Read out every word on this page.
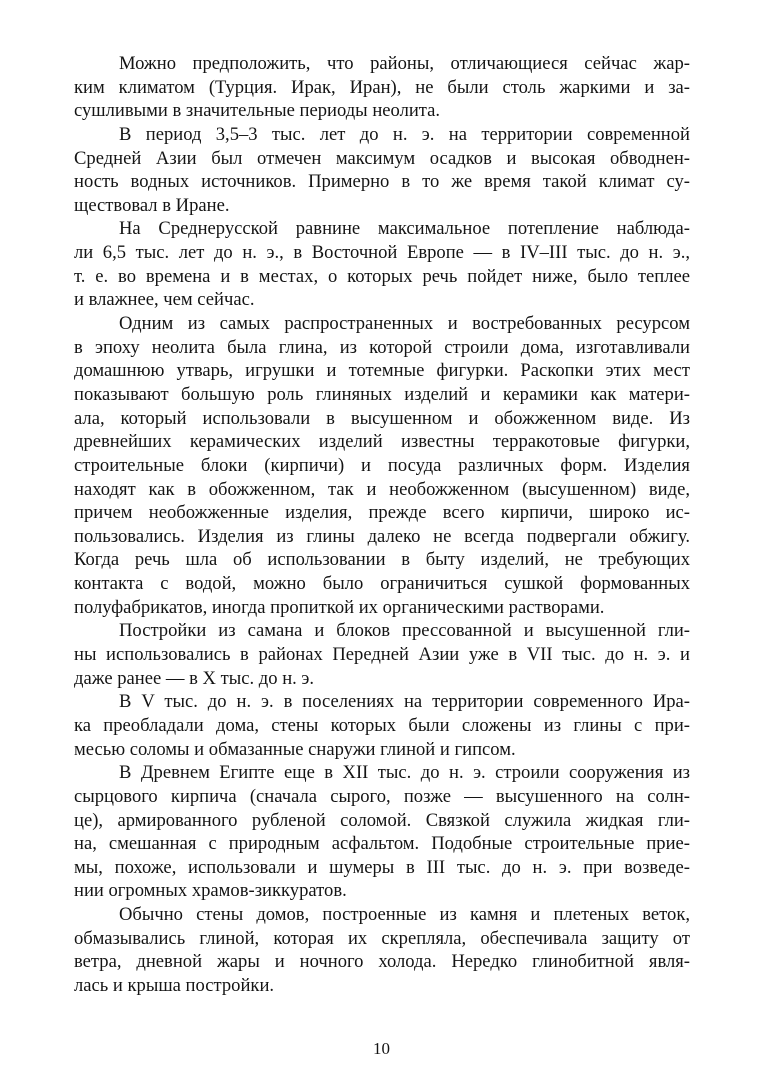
Можно предположить, что районы, отличающиеся сейчас жар-
ким климатом (Турция. Ирак, Иран), не были столь жаркими и за-
сушливыми в значительные периоды неолита.
В период 3,5–3 тыс. лет до н. э. на территории современной
Средней Азии был отмечен максимум осадков и высокая обводнен-
ность водных источников. Примерно в то же время такой климат су-
ществовал в Иране.
На Среднерусской равнине максимальное потепление наблюда-
ли 6,5 тыс. лет до н. э., в Восточной Европе — в IV–III тыс. до н. э.,
т. е. во времена и в местах, о которых речь пойдет ниже, было теплее
и влажнее, чем сейчас.
Одним из самых распространенных и востребованных ресурсом
в эпоху неолита была глина, из которой строили дома, изготавливали
домашнюю утварь, игрушки и тотемные фигурки. Раскопки этих мест
показывают большую роль глиняных изделий и керамики как матери-
ала, который использовали в высушенном и обожженном виде. Из
древнейших керамических изделий известны терракотовые фигурки,
строительные блоки (кирпичи) и посуда различных форм. Изделия
находят как в обожженном, так и необожженном (высушенном) виде,
причем необожженные изделия, прежде всего кирпичи, широко ис-
пользовались. Изделия из глины далеко не всегда подвергали обжигу.
Когда речь шла об использовании в быту изделий, не требующих
контакта с водой, можно было ограничиться сушкой формованных
полуфабрикатов, иногда пропиткой их органическими растворами.
Постройки из самана и блоков прессованной и высушенной гли-
ны использовались в районах Передней Азии уже в VII тыс. до н. э. и
даже ранее — в X тыс. до н. э.
В V тыс. до н. э. в поселениях на территории современного Ира-
ка преобладали дома, стены которых были сложены из глины с при-
месью соломы и обмазанные снаружи глиной и гипсом.
В Древнем Египте еще в XII тыс. до н. э. строили сооружения из
сырцового кирпича (сначала сырого, позже — высушенного на солн-
це), армированного рубленой соломой. Связкой служила жидкая гли-
на, смешанная с природным асфальтом. Подобные строительные прие-
мы, похоже, использовали и шумеры в III тыс. до н. э. при возведе-
нии огромных храмов-зиккуратов.
Обычно стены домов, построенные из камня и плетеных веток,
обмазывались глиной, которая их скрепляла, обеспечивала защиту от
ветра, дневной жары и ночного холода. Нередко глинобитной явля-
лась и крыша постройки.
10
